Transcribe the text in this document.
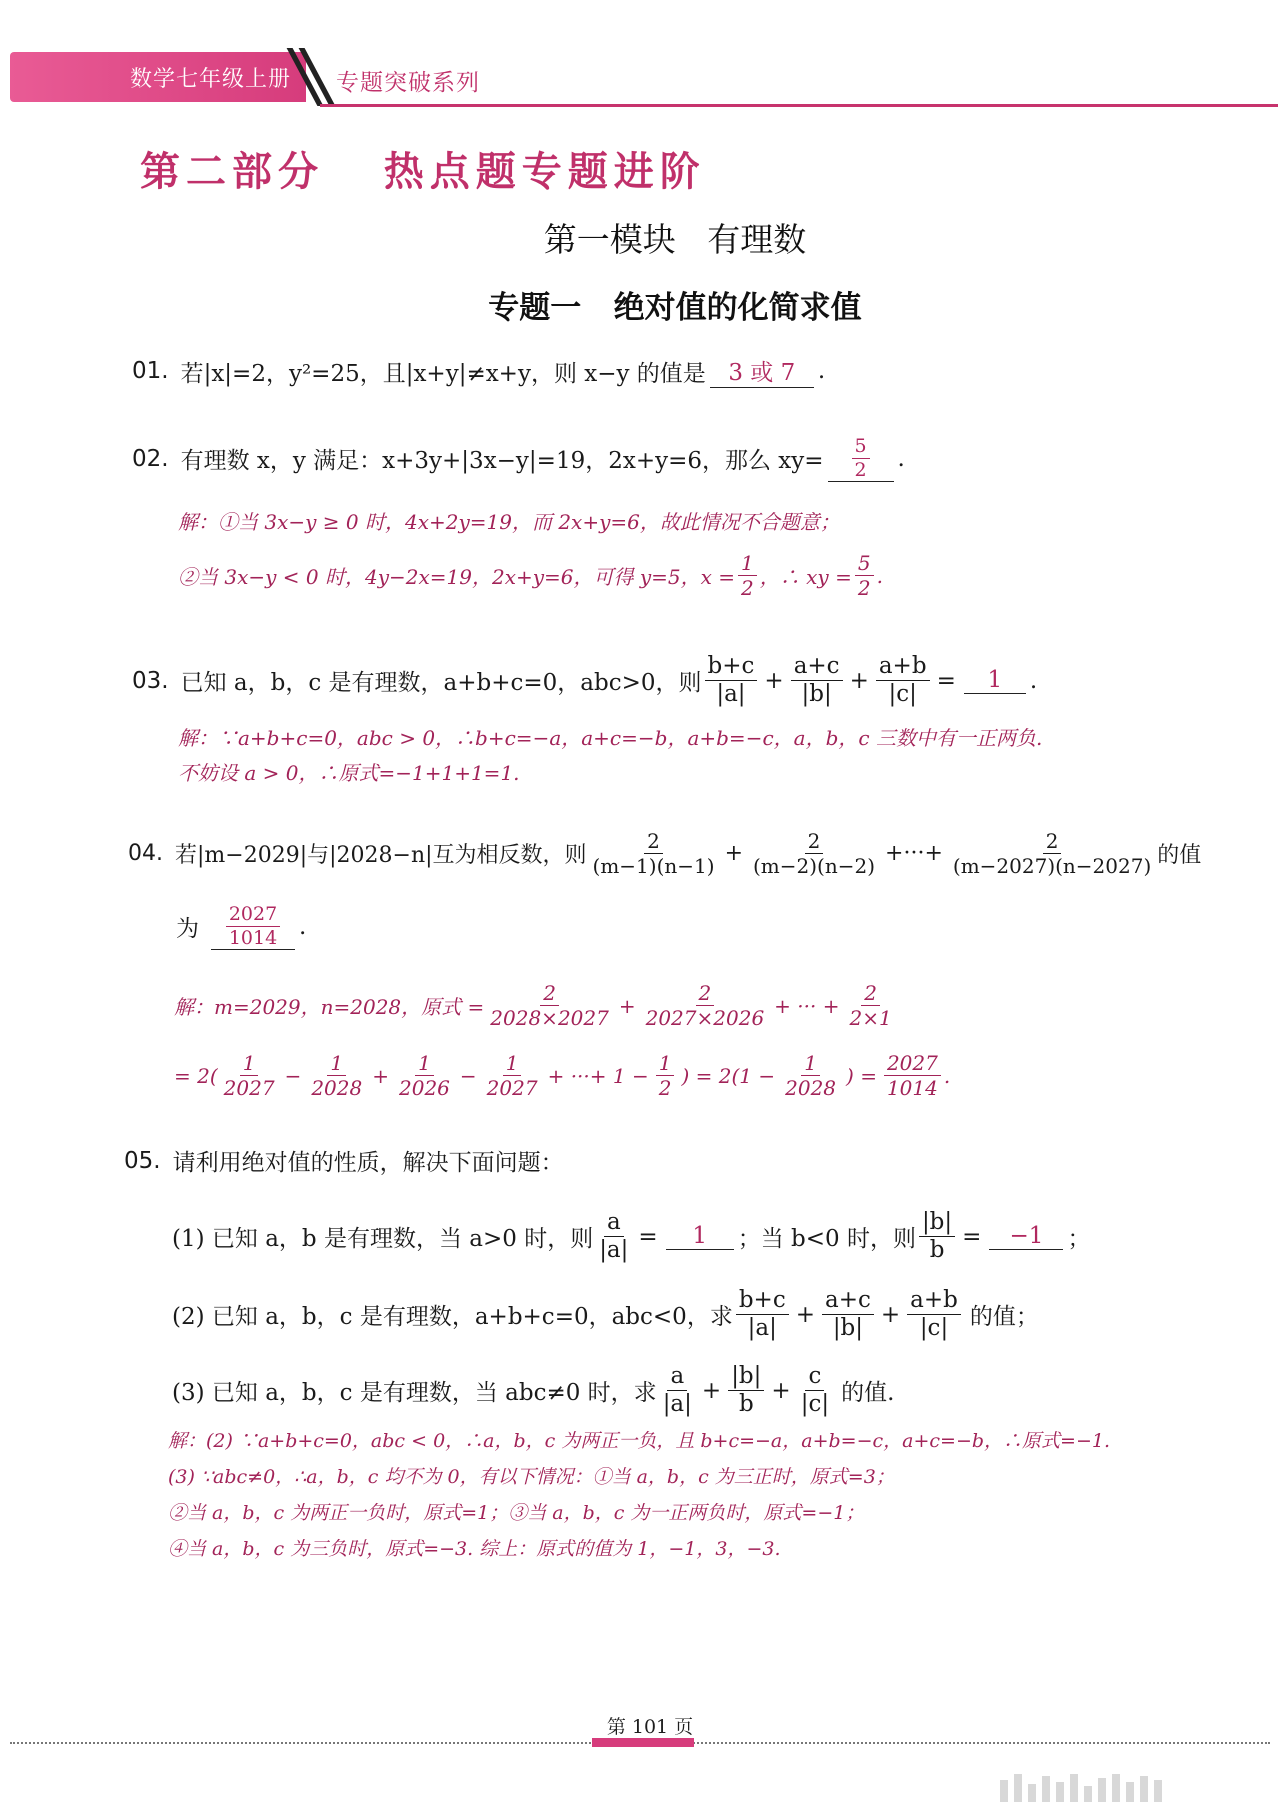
数学七年级上册 专题突破系列
第二部分   热点题专题进阶
第一模块   有理数
专题一   绝对值的化简求值
01. 若|x|=2，y²=25，且|x+y|≠x+y，则 x−y 的值是 3 或 7 .
02. 有理数 x，y 满足：x+3y+|3x−y|=19，2x+y=6，那么 $xy= \frac{5}{2}$ .
解：①当 3x−y ≥ 0 时，4x+2y=19，而 2x+y=6，故此情况不合题意；
②当 3x−y < 0 时，4y−2x=19，2x+y=6，可得 y=5，$x = \frac{1}{2}$ ，∴ xy = $\frac{5}{2}$ .
03. 已知 a，b，c 是有理数，a+b+c=0，abc>0，则 $\frac{b+c}{|a|} + \frac{a+c}{|b|} + \frac{a+b}{|c|}$ =	1	.
解：∵a+b+c=0，abc > 0，∴b+c=−a，a+c=−b，a+b=−c，a，b，c 三数中有一正两负.
不妨设 a > 0，∴原式=−1+1+1=1.
04. 若|m−2029|与|2028−n|互为相反数，则 $\frac{2}{(m-1)(n-1)} + \frac{2}{(m-2)(n-2)}$ +···+ $\frac{2}{(m-2027)(n-2027)}$ 的值
为 $\frac{2027}{1014}$ .
解：m=2029，n=2028，原式 = $\frac{2}{2028\times 2027} + \frac{2}{2027\times 2026}$ + ··· + $\frac{2}{2\times 1}$
= $2( \frac{1}{2027} - \frac{1}{2028} + \frac{1}{2026} - \frac{1}{2027}$ + ···+ $1 - \frac{1}{2}$ ) = $2(1 - \frac{1}{2028}$ ) = $\frac{2027}{1014}$ .
05. 请利用绝对值的性质，解决下面问题：
(1) 已知 a，b 是有理数，当 a>0 时，则 $\frac{a}{|a|}$ =	1	；当 b<0 时，则 $\frac{|b|}{b}$ =	−1	；
(2) 已知 a，b，c 是有理数，a+b+c=0，abc<0，求 $\frac{b+c}{|a|} + \frac{a+c}{|b|} + \frac{a+b}{|c|}$ 的值；
(3) 已知 a，b，c 是有理数，当 abc≠0 时，求 $\frac{a}{|a|} + \frac{|b|}{b} + \frac{c}{|c|}$ 的值.
解：(2) ∵a+b+c=0，abc < 0，∴a，b，c 为两正一负，且 b+c=−a，a+b=−c，a+c=−b，∴原式=−1.
(3) ∵abc≠0，∴a，b，c 均不为 0，有以下情况：①当 a，b，c 为三正时，原式=3；
②当 a，b，c 为两正一负时，原式=1；③当 a，b，c 为一正两负时，原式=−1；
④当 a，b，c 为三负时，原式=−3. 综上：原式的值为 1，−1，3，−3.
第 101 页
